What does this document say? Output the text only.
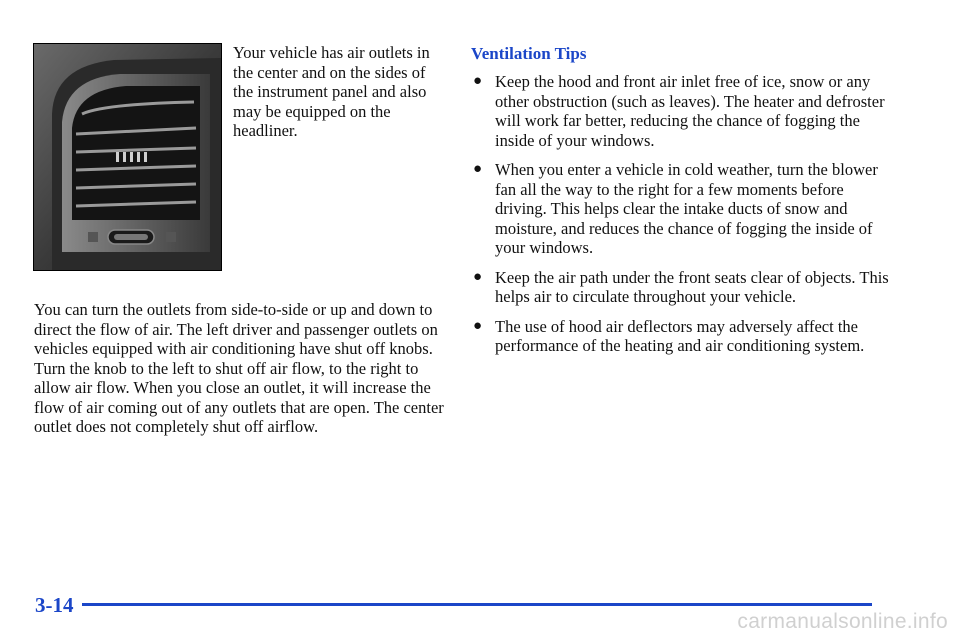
Your vehicle has air outlets in the center and on the sides of the instrument panel and also may be equipped on the headliner.
You can turn the outlets from side-to-side or up and down to direct the flow of air. The left driver and passenger outlets on vehicles equipped with air conditioning have shut off knobs. Turn the knob to the left to shut off air flow, to the right to allow air flow. When you close an outlet, it will increase the flow of air coming out of any outlets that are open. The center outlet does not completely shut off airflow.
Ventilation Tips
● Keep the hood and front air inlet free of ice, snow or any other obstruction (such as leaves). The heater and defroster will work far better, reducing the chance of fogging the inside of your windows.
● When you enter a vehicle in cold weather, turn the blower fan all the way to the right for a few moments before driving. This helps clear the intake ducts of snow and moisture, and reduces the chance of fogging the inside of your windows.
● Keep the air path under the front seats clear of objects. This helps air to circulate throughout your vehicle.
● The use of hood air deflectors may adversely affect the performance of the heating and air conditioning system.
3-14
carmanualsonline.info
